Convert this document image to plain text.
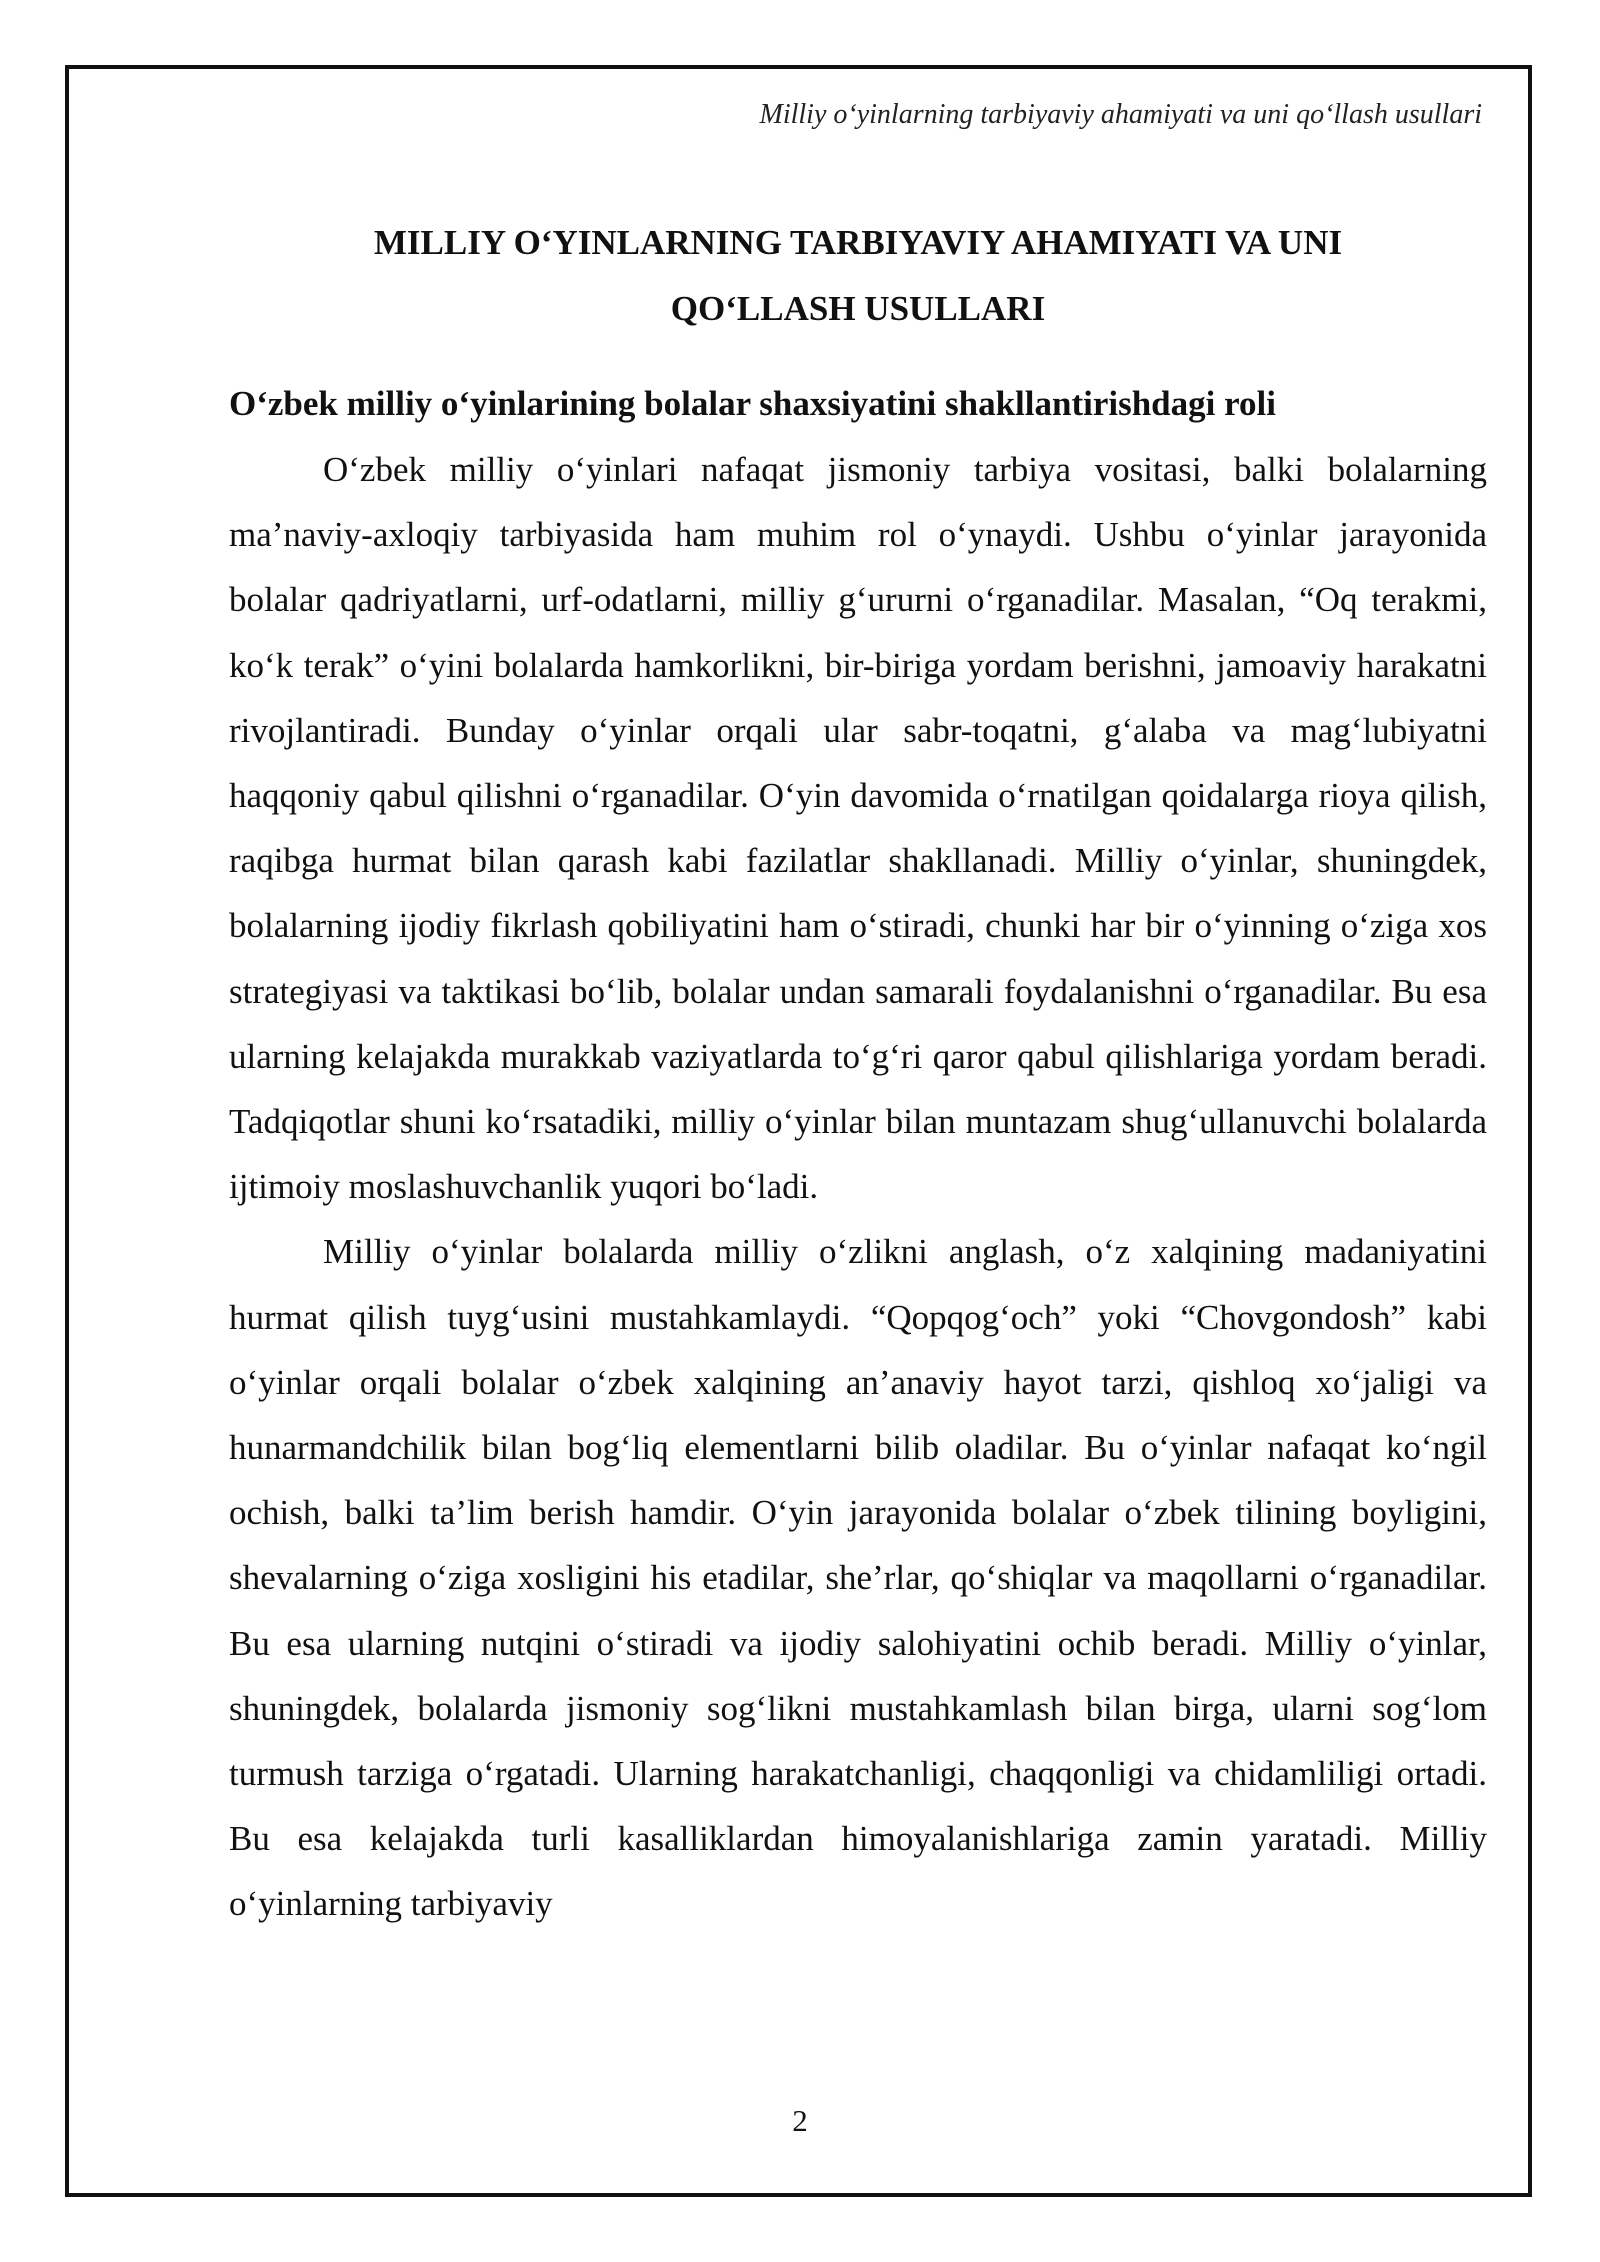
Milliy o‘yinlarning tarbiyaviy ahamiyati va uni qo‘llash usullari
MILLIY O‘YINLARNING TARBIYAVIY AHAMIYATI VA UNI
QO‘LLASH USULLARI
O‘zbek milliy o‘yinlarining bolalar shaxsiyatini shakllantirishdagi roli

O‘zbek milliy o‘yinlari nafaqat jismoniy tarbiya vositasi, balki bolalarning ma’naviy-axloqiy tarbiyasida ham muhim rol o‘ynaydi. Ushbu o‘yinlar jarayonida bolalar qadriyatlarni, urf-odatlarni, milliy g‘ururni o‘rganadilar. Masalan, “Oq terakmi, ko‘k terak” o‘yini bolalarda hamkorlikni, bir-biriga yordam berishni, jamoaviy harakatni rivojlantiradi. Bunday o‘yinlar orqali ular sabr-toqatni, g‘alaba va mag‘lubiyatni haqqoniy qabul qilishni o‘rganadilar. O‘yin davomida o‘rnatilgan qoidalarga rioya qilish, raqibga hurmat bilan qarash kabi fazilatlar shakllanadi. Milliy o‘yinlar, shuningdek, bolalarning ijodiy fikrlash qobiliyatini ham o‘stiradi, chunki har bir o‘yinning o‘ziga xos strategiyasi va taktikasi bo‘lib, bolalar undan samarali foydalanishni o‘rganadilar. Bu esa ularning kelajakda murakkab vaziyatlarda to‘g‘ri qaror qabul qilishlariga yordam beradi. Tadqiqotlar shuni ko‘rsatadiki, milliy o‘yinlar bilan muntazam shug‘ullanuvchi bolalarda ijtimoiy moslashuvchanlik yuqori bo‘ladi.

Milliy o‘yinlar bolalarda milliy o‘zlikni anglash, o‘z xalqining madaniyatini hurmat qilish tuyg‘usini mustahkamlaydi. “Qopqog‘och” yoki “Chovgondosh” kabi o‘yinlar orqali bolalar o‘zbek xalqining an’anaviy hayot tarzi, qishloq xo‘jaligi va hunarmandchilik bilan bog‘liq elementlarni bilib oladilar. Bu o‘yinlar nafaqat ko‘ngil ochish, balki ta’lim berish hamdir. O‘yin jarayonida bolalar o‘zbek tilining boyligini, shevalarning o‘ziga xosligini his etadilar, she’rlar, qo‘shiqlar va maqollarni o‘rganadilar. Bu esa ularning nutqini o‘stiradi va ijodiy salohiyatini ochib beradi. Milliy o‘yinlar, shuningdek, bolalarda jismoniy sog‘likni mustahkamlash bilan birga, ularni sog‘lom turmush tarziga o‘rgatadi. Ularning harakatchanligi, chaqqonligi va chidamliligi ortadi. Bu esa kelajakda turli kasalliklardan himoyalanishlariga zamin yaratadi. Milliy o‘yinlarning tarbiyaviy

2
